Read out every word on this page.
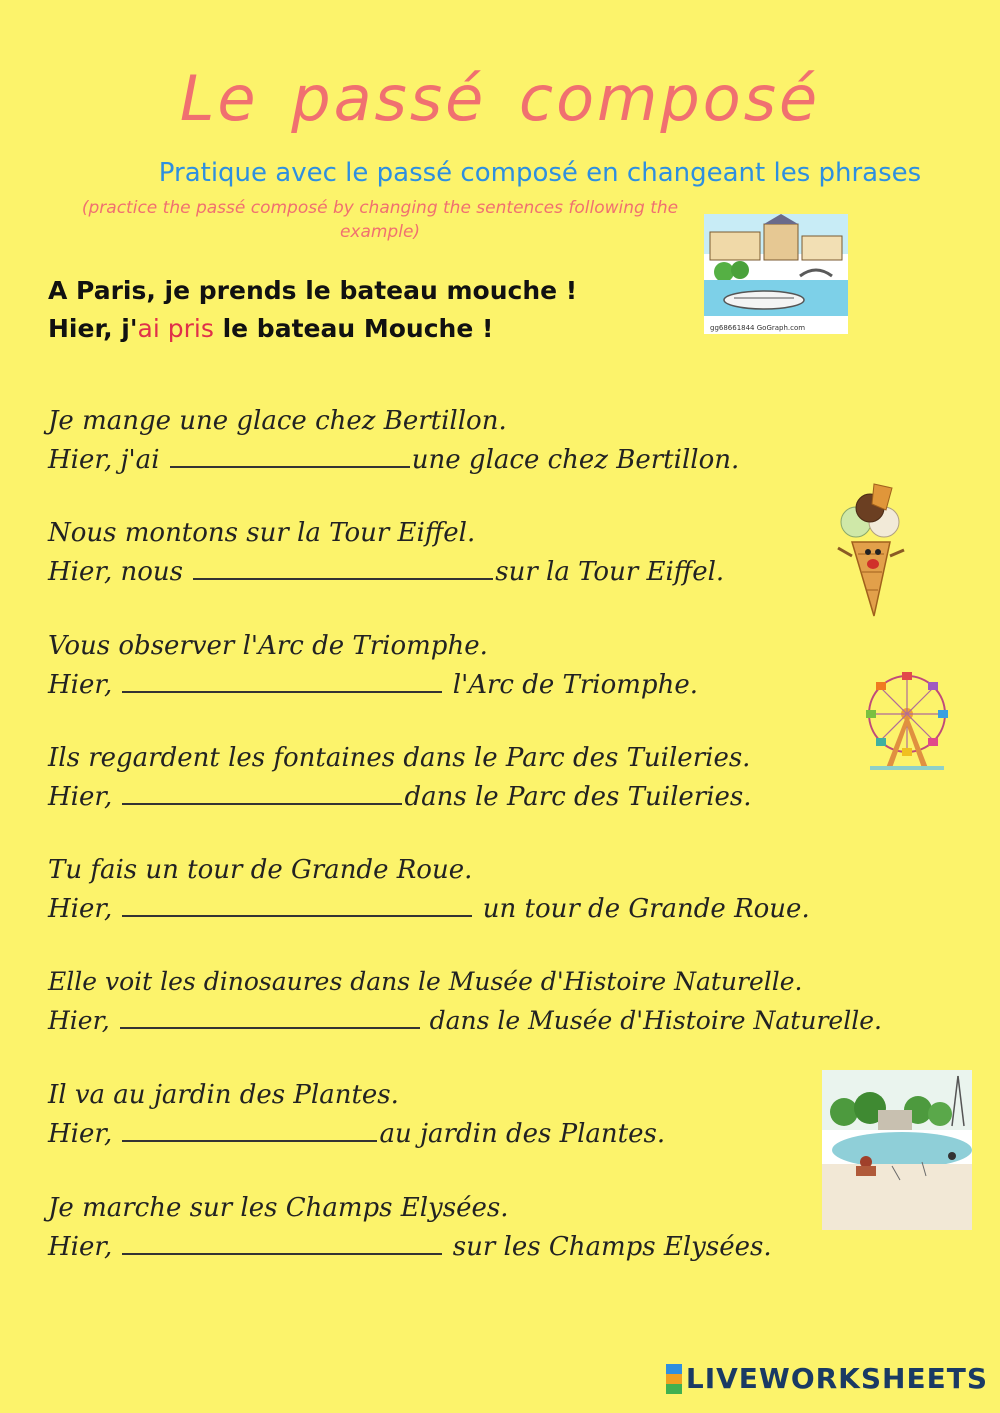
Le passé composé
Pratique avec le passé composé en changeant les phrases
(practice the passé composé by changing the sentences following the example)
gg68661844 GoGraph.com
A Paris, je prends le bateau mouche !
Hier, j'ai pris le bateau Mouche !
Je mange une glace chez Bertillon.
Hier, j'ai	une glace chez Bertillon.
Nous montons sur la Tour Eiffel.
Hier, nous	sur la Tour Eiffel.
Vous observer l'Arc de Triomphe.
Hier,	l'Arc de Triomphe.
Ils regardent les fontaines dans le Parc des Tuileries.
Hier,	dans le Parc des Tuileries.
Tu fais un tour de Grande Roue.
Hier,	un tour de Grande Roue.
Elle voit les dinosaures dans le Musée d'Histoire Naturelle.
Hier,	dans le Musée d'Histoire Naturelle.
Il va au jardin des Plantes.
Hier,	au jardin des Plantes.
Je marche sur les Champs Elysées.
Hier,	sur les Champs Elysées.
LIVEWORKSHEETS
